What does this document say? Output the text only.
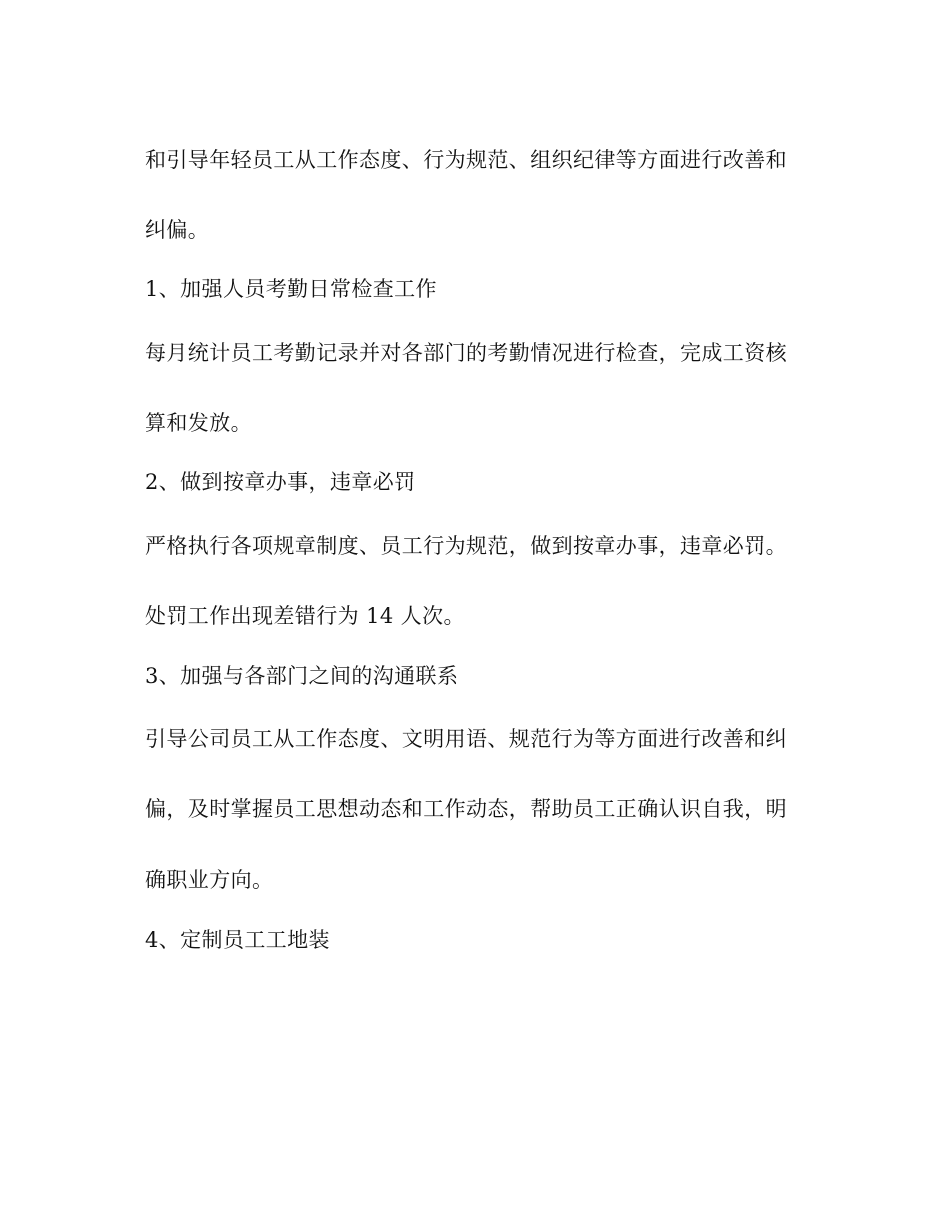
和引导年轻员工从工作态度、行为规范、组织纪律等方面进行改善和
纠偏。
1、加强人员考勤日常检查工作
每月统计员工考勤记录并对各部门的考勤情况进行检查，完成工资核
算和发放。
2、做到按章办事，违章必罚
严格执行各项规章制度、员工行为规范，做到按章办事，违章必罚。
处罚工作出现差错行为 14 人次。
3、加强与各部门之间的沟通联系
引导公司员工从工作态度、文明用语、规范行为等方面进行改善和纠
偏，及时掌握员工思想动态和工作动态，帮助员工正确认识自我，明
确职业方向。
4、定制员工工地装
